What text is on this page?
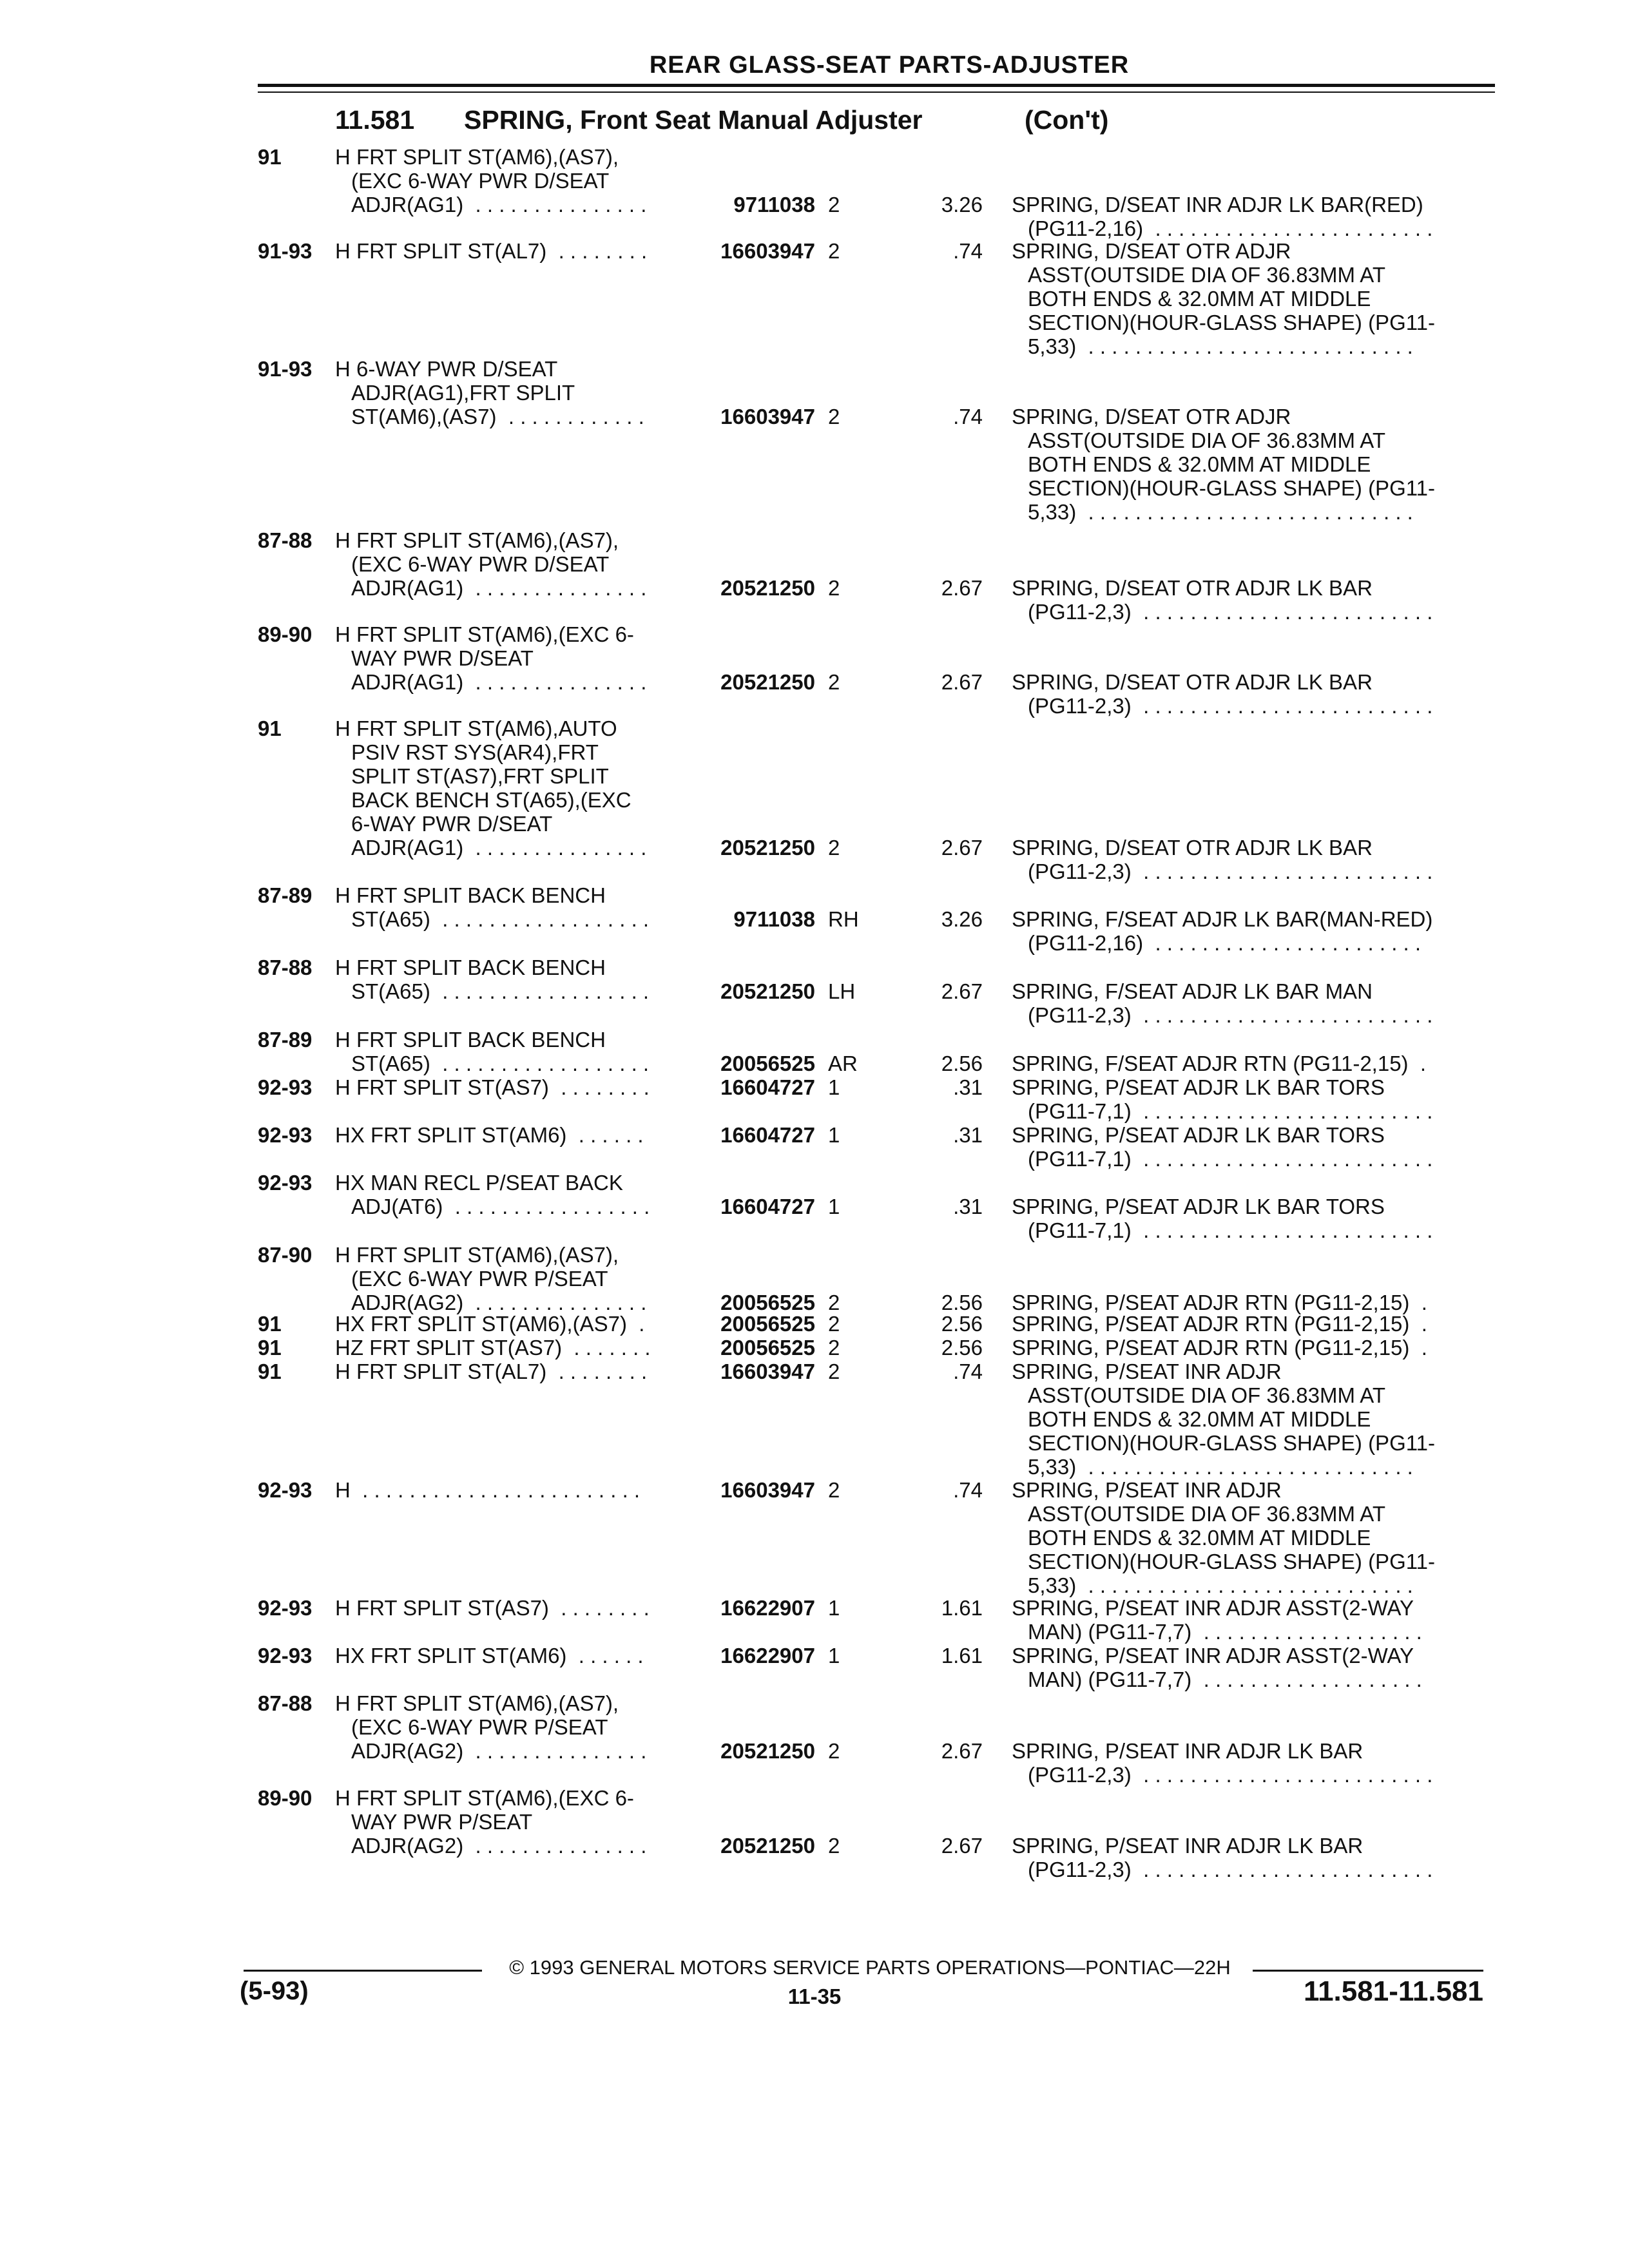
REAR GLASS-SEAT PARTS-ADJUSTER
11.581 SPRING, Front Seat Manual Adjuster	(Con't)
91	H FRT SPLIT ST(AM6),(AS7),
(EXC 6-WAY PWR D/SEAT
ADJR(AG1)  . . . . . . . . . . . . . . .	9711038 2	3.26 SPRING, D/SEAT INR ADJR LK BAR(RED)
(PG11-2,16)  . . . . . . . . . . . . . . . . . . . . . . . .
91-93	H FRT SPLIT ST(AL7)  . . . . . . . .	16603947 2	.74 SPRING, D/SEAT OTR ADJR
ASST(OUTSIDE DIA OF 36.83MM AT
BOTH ENDS & 32.0MM AT MIDDLE
SECTION)(HOUR-GLASS SHAPE) (PG11-
5,33)  . . . . . . . . . . . . . . . . . . . . . . . . . . . .
91-93	H 6-WAY PWR D/SEAT
ADJR(AG1),FRT SPLIT
ST(AM6),(AS7)  . . . . . . . . . . . .	16603947 2	.74 SPRING, D/SEAT OTR ADJR
ASST(OUTSIDE DIA OF 36.83MM AT
BOTH ENDS & 32.0MM AT MIDDLE
SECTION)(HOUR-GLASS SHAPE) (PG11-
5,33)  . . . . . . . . . . . . . . . . . . . . . . . . . . . .
87-88	H FRT SPLIT ST(AM6),(AS7),
(EXC 6-WAY PWR D/SEAT
ADJR(AG1)  . . . . . . . . . . . . . . .	20521250 2	2.67 SPRING, D/SEAT OTR ADJR LK BAR
(PG11-2,3)  . . . . . . . . . . . . . . . . . . . . . . . . .
89-90	H FRT SPLIT ST(AM6),(EXC 6-
WAY PWR D/SEAT
ADJR(AG1)  . . . . . . . . . . . . . . .	20521250 2	2.67 SPRING, D/SEAT OTR ADJR LK BAR
(PG11-2,3)  . . . . . . . . . . . . . . . . . . . . . . . . .
91	H FRT SPLIT ST(AM6),AUTO
PSIV RST SYS(AR4),FRT
SPLIT ST(AS7),FRT SPLIT
BACK BENCH ST(A65),(EXC
6-WAY PWR D/SEAT
ADJR(AG1)  . . . . . . . . . . . . . . .	20521250 2	2.67 SPRING, D/SEAT OTR ADJR LK BAR
(PG11-2,3)  . . . . . . . . . . . . . . . . . . . . . . . . .
87-89	H FRT SPLIT BACK BENCH
ST(A65)  . . . . . . . . . . . . . . . . . .	9711038 RH	3.26 SPRING, F/SEAT ADJR LK BAR(MAN-RED)
(PG11-2,16)  . . . . . . . . . . . . . . . . . . . . . . .
87-88	H FRT SPLIT BACK BENCH
ST(A65)  . . . . . . . . . . . . . . . . . .	20521250 LH	2.67 SPRING, F/SEAT ADJR LK BAR MAN
(PG11-2,3)  . . . . . . . . . . . . . . . . . . . . . . . . .
87-89	H FRT SPLIT BACK BENCH
ST(A65)  . . . . . . . . . . . . . . . . . .	20056525 AR	2.56 SPRING, F/SEAT ADJR RTN (PG11-2,15)  .
92-93	H FRT SPLIT ST(AS7)  . . . . . . . .	16604727 1	.31 SPRING, P/SEAT ADJR LK BAR TORS
(PG11-7,1)  . . . . . . . . . . . . . . . . . . . . . . . . .
92-93	HX FRT SPLIT ST(AM6)  . . . . . .	16604727 1	.31 SPRING, P/SEAT ADJR LK BAR TORS
(PG11-7,1)  . . . . . . . . . . . . . . . . . . . . . . . . .
92-93	HX MAN RECL P/SEAT BACK
ADJ(AT6)  . . . . . . . . . . . . . . . . .	16604727 1	.31 SPRING, P/SEAT ADJR LK BAR TORS
(PG11-7,1)  . . . . . . . . . . . . . . . . . . . . . . . . .
87-90	H FRT SPLIT ST(AM6),(AS7),
(EXC 6-WAY PWR P/SEAT
ADJR(AG2)  . . . . . . . . . . . . . . .	20056525 2	2.56 SPRING, P/SEAT ADJR RTN (PG11-2,15)  .
91	HX FRT SPLIT ST(AM6),(AS7)  .	20056525 2	2.56 SPRING, P/SEAT ADJR RTN (PG11-2,15)  .
91	HZ FRT SPLIT ST(AS7)  . . . . . . .	20056525 2	2.56 SPRING, P/SEAT ADJR RTN (PG11-2,15)  .
91	H FRT SPLIT ST(AL7)  . . . . . . . .	16603947 2	.74 SPRING, P/SEAT INR ADJR
ASST(OUTSIDE DIA OF 36.83MM AT
BOTH ENDS & 32.0MM AT MIDDLE
SECTION)(HOUR-GLASS SHAPE) (PG11-
5,33)  . . . . . . . . . . . . . . . . . . . . . . . . . . . .
92-93	H  . . . . . . . . . . . . . . . . . . . . . . . .	16603947 2	.74 SPRING, P/SEAT INR ADJR
ASST(OUTSIDE DIA OF 36.83MM AT
BOTH ENDS & 32.0MM AT MIDDLE
SECTION)(HOUR-GLASS SHAPE) (PG11-
5,33)  . . . . . . . . . . . . . . . . . . . . . . . . . . . .
92-93	H FRT SPLIT ST(AS7)  . . . . . . . .	16622907 1	1.61 SPRING, P/SEAT INR ADJR ASST(2-WAY
MAN) (PG11-7,7)  . . . . . . . . . . . . . . . . . . .
92-93	HX FRT SPLIT ST(AM6)  . . . . . .	16622907 1	1.61 SPRING, P/SEAT INR ADJR ASST(2-WAY
MAN) (PG11-7,7)  . . . . . . . . . . . . . . . . . . .
87-88	H FRT SPLIT ST(AM6),(AS7),
(EXC 6-WAY PWR P/SEAT
ADJR(AG2)  . . . . . . . . . . . . . . .	20521250 2	2.67 SPRING, P/SEAT INR ADJR LK BAR
(PG11-2,3)  . . . . . . . . . . . . . . . . . . . . . . . . .
89-90	H FRT SPLIT ST(AM6),(EXC 6-
WAY PWR P/SEAT
ADJR(AG2)  . . . . . . . . . . . . . . .	20521250 2	2.67 SPRING, P/SEAT INR ADJR LK BAR
(PG11-2,3)  . . . . . . . . . . . . . . . . . . . . . . . . .
© 1993 GENERAL MOTORS SERVICE PARTS OPERATIONS—PONTIAC—22H
(5-93)	11-35	11.581-11.581
